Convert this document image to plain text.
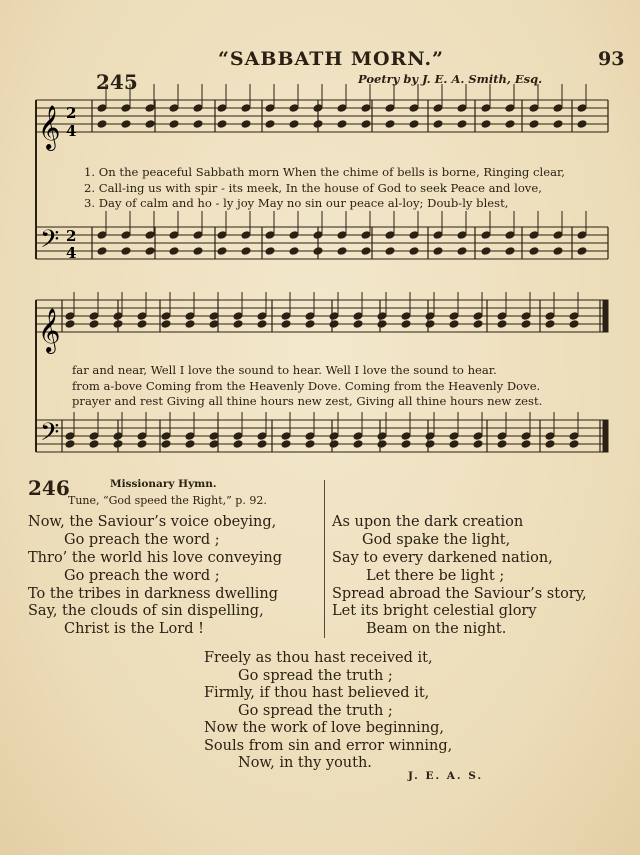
“SABBATH MORN.”	93
245	Poetry by J. E. A. Smith, Esq.
𝄞 2
4
𝄢 2
4
𝄞
𝄢
1. On the peaceful Sabbath morn When the chime of bells is borne, Ringing clear,
2. Call-ing us with spir - its meek, In the house of God to seek Peace and love,
3. Day of calm and ho - ly joy May no sin our peace al-loy; Doub-ly blest,
far and near, Well I love the sound to hear. Well I love the sound to hear.
from a-bove Coming from the Heavenly Dove. Coming from the Heavenly Dove.
prayer and rest Giving all thine hours new zest, Giving all thine hours new zest.
246	Missionary Hymn.
Tune, “God speed the Right,” p. 92.
Now, the Saviour’s voice obeying,
Go preach the word ;
Thro’ the world his love conveying
Go preach the word ;
To the tribes in darkness dwelling
Say, the clouds of sin dispelling,
Christ is the Lord !
As upon the dark creation
God spake the light,
Say to every darkened nation,
Let there be light ;
Spread abroad the Saviour’s story,
Let its bright celestial glory
Beam on the night.
Freely as thou hast received it,
Go spread the truth ;
Firmly, if thou hast believed it,
Go spread the truth ;
Now the work of love beginning,
Souls from sin and error winning,
Now, in thy youth.
J. E. A. S.
